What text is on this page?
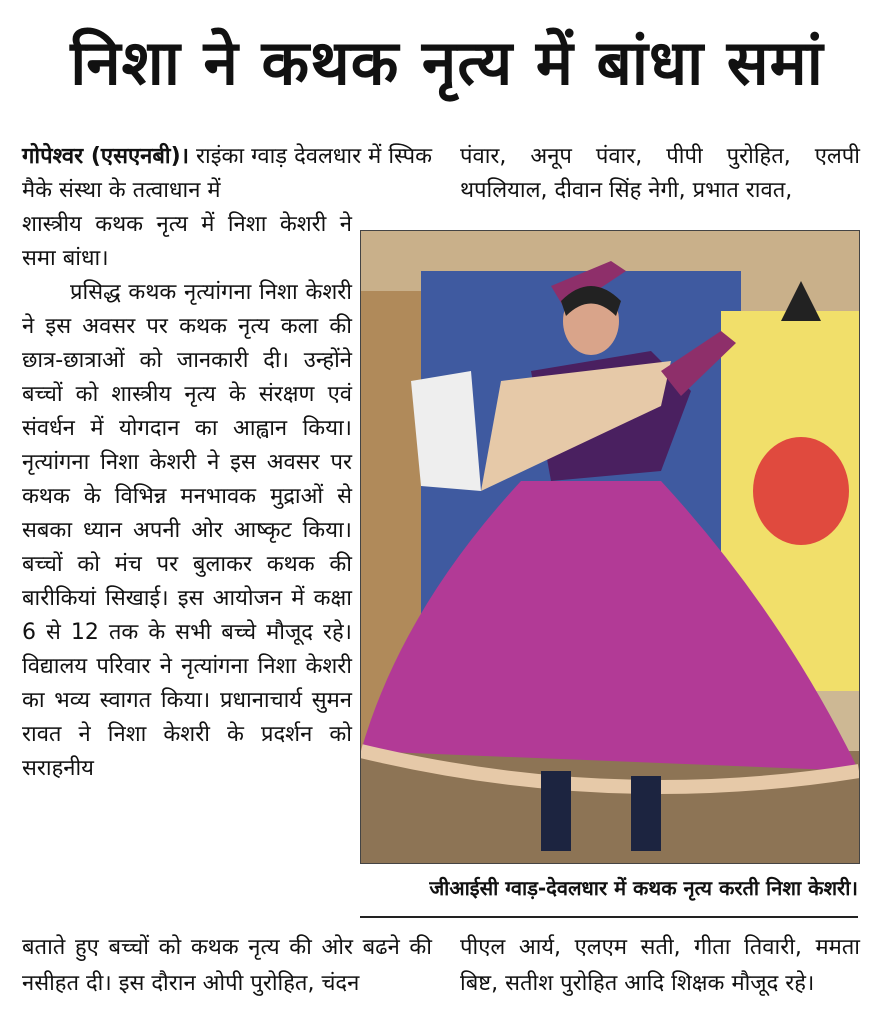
निशा ने कथक नृत्य में बांधा समां

गोपेश्वर (एसएनबी)। राइंका ग्वाड़ देवलधार में स्पिक मैके संस्था के तत्वाधान में

शास्त्रीय कथक नृत्य में निशा केशरी ने समा बांधा।

प्रसिद्ध कथक नृत्यांगना निशा केशरी ने इस अवसर पर कथक नृत्य कला की छात्र-छात्राओं को जानकारी दी। उन्होंने बच्चों को शास्त्रीय नृत्य के संरक्षण एवं संवर्धन में योगदान का आह्वान किया। नृत्यांगना निशा केशरी ने इस अवसर पर कथक के विभिन्न मनभावक मुद्राओं से सबका ध्यान अपनी ओर आष्कृट किया। बच्चों को मंच पर बुलाकर कथक की बारीकियां सिखाई। इस आयोजन में कक्षा 6 से 12 तक के सभी बच्चे मौजूद रहे। विद्यालय परिवार ने नृत्यांगना निशा केशरी का भव्य स्वागत किया। प्रधानाचार्य सुमन रावत ने निशा केशरी के प्रदर्शन को सराहनीय

पंवार, अनूप पंवार, पीपी पुरोहित, एलपी थपलियाल, दीवान सिंह नेगी, प्रभात रावत,

जीआईसी ग्वाड़-देवलधार में कथक नृत्य करती निशा केशरी।

बताते हुए बच्चों को कथक नृत्य की ओर बढने की नसीहत दी। इस दौरान ओपी पुरोहित, चंदन

पीएल आर्य, एलएम सती, गीता तिवारी, ममता बिष्ट, सतीश पुरोहित आदि शिक्षक मौजूद रहे।
